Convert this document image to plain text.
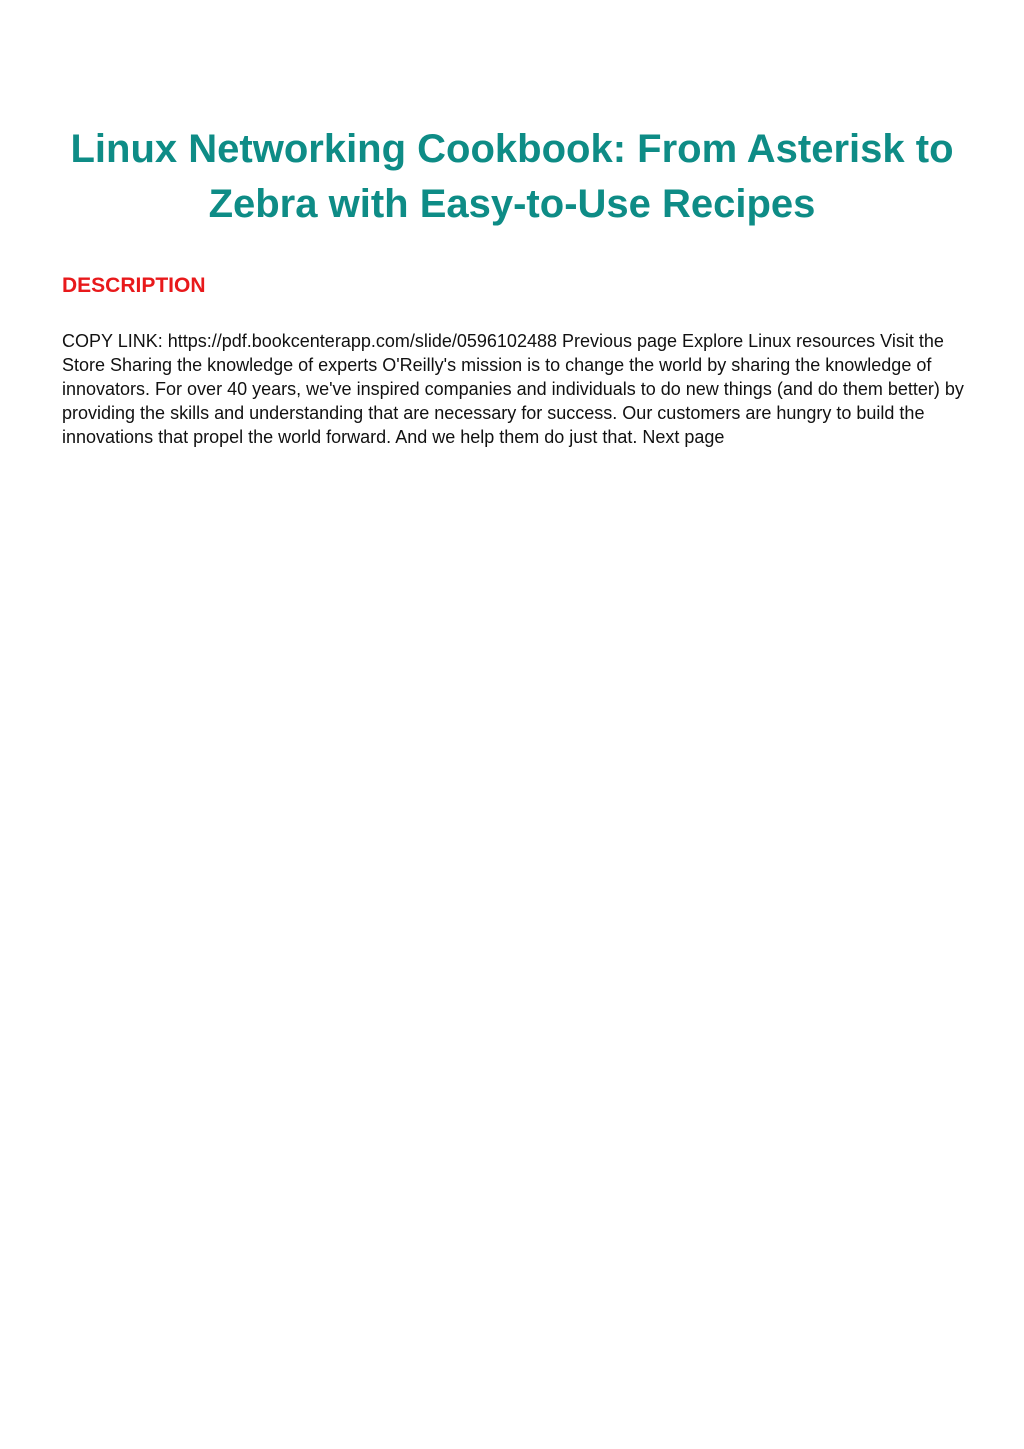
Linux Networking Cookbook: From Asterisk to Zebra with Easy-to-Use Recipes
DESCRIPTION

COPY LINK: https://pdf.bookcenterapp.com/slide/0596102488 Previous page Explore Linux resources Visit the Store Sharing the knowledge of experts O'Reilly's mission is to change the world by sharing the knowledge of innovators. For over 40 years, we've inspired companies and individuals to do new things (and do them better) by providing the skills and understanding that are necessary for success. Our customers are hungry to build the innovations that propel the world forward. And we help them do just that. Next page
